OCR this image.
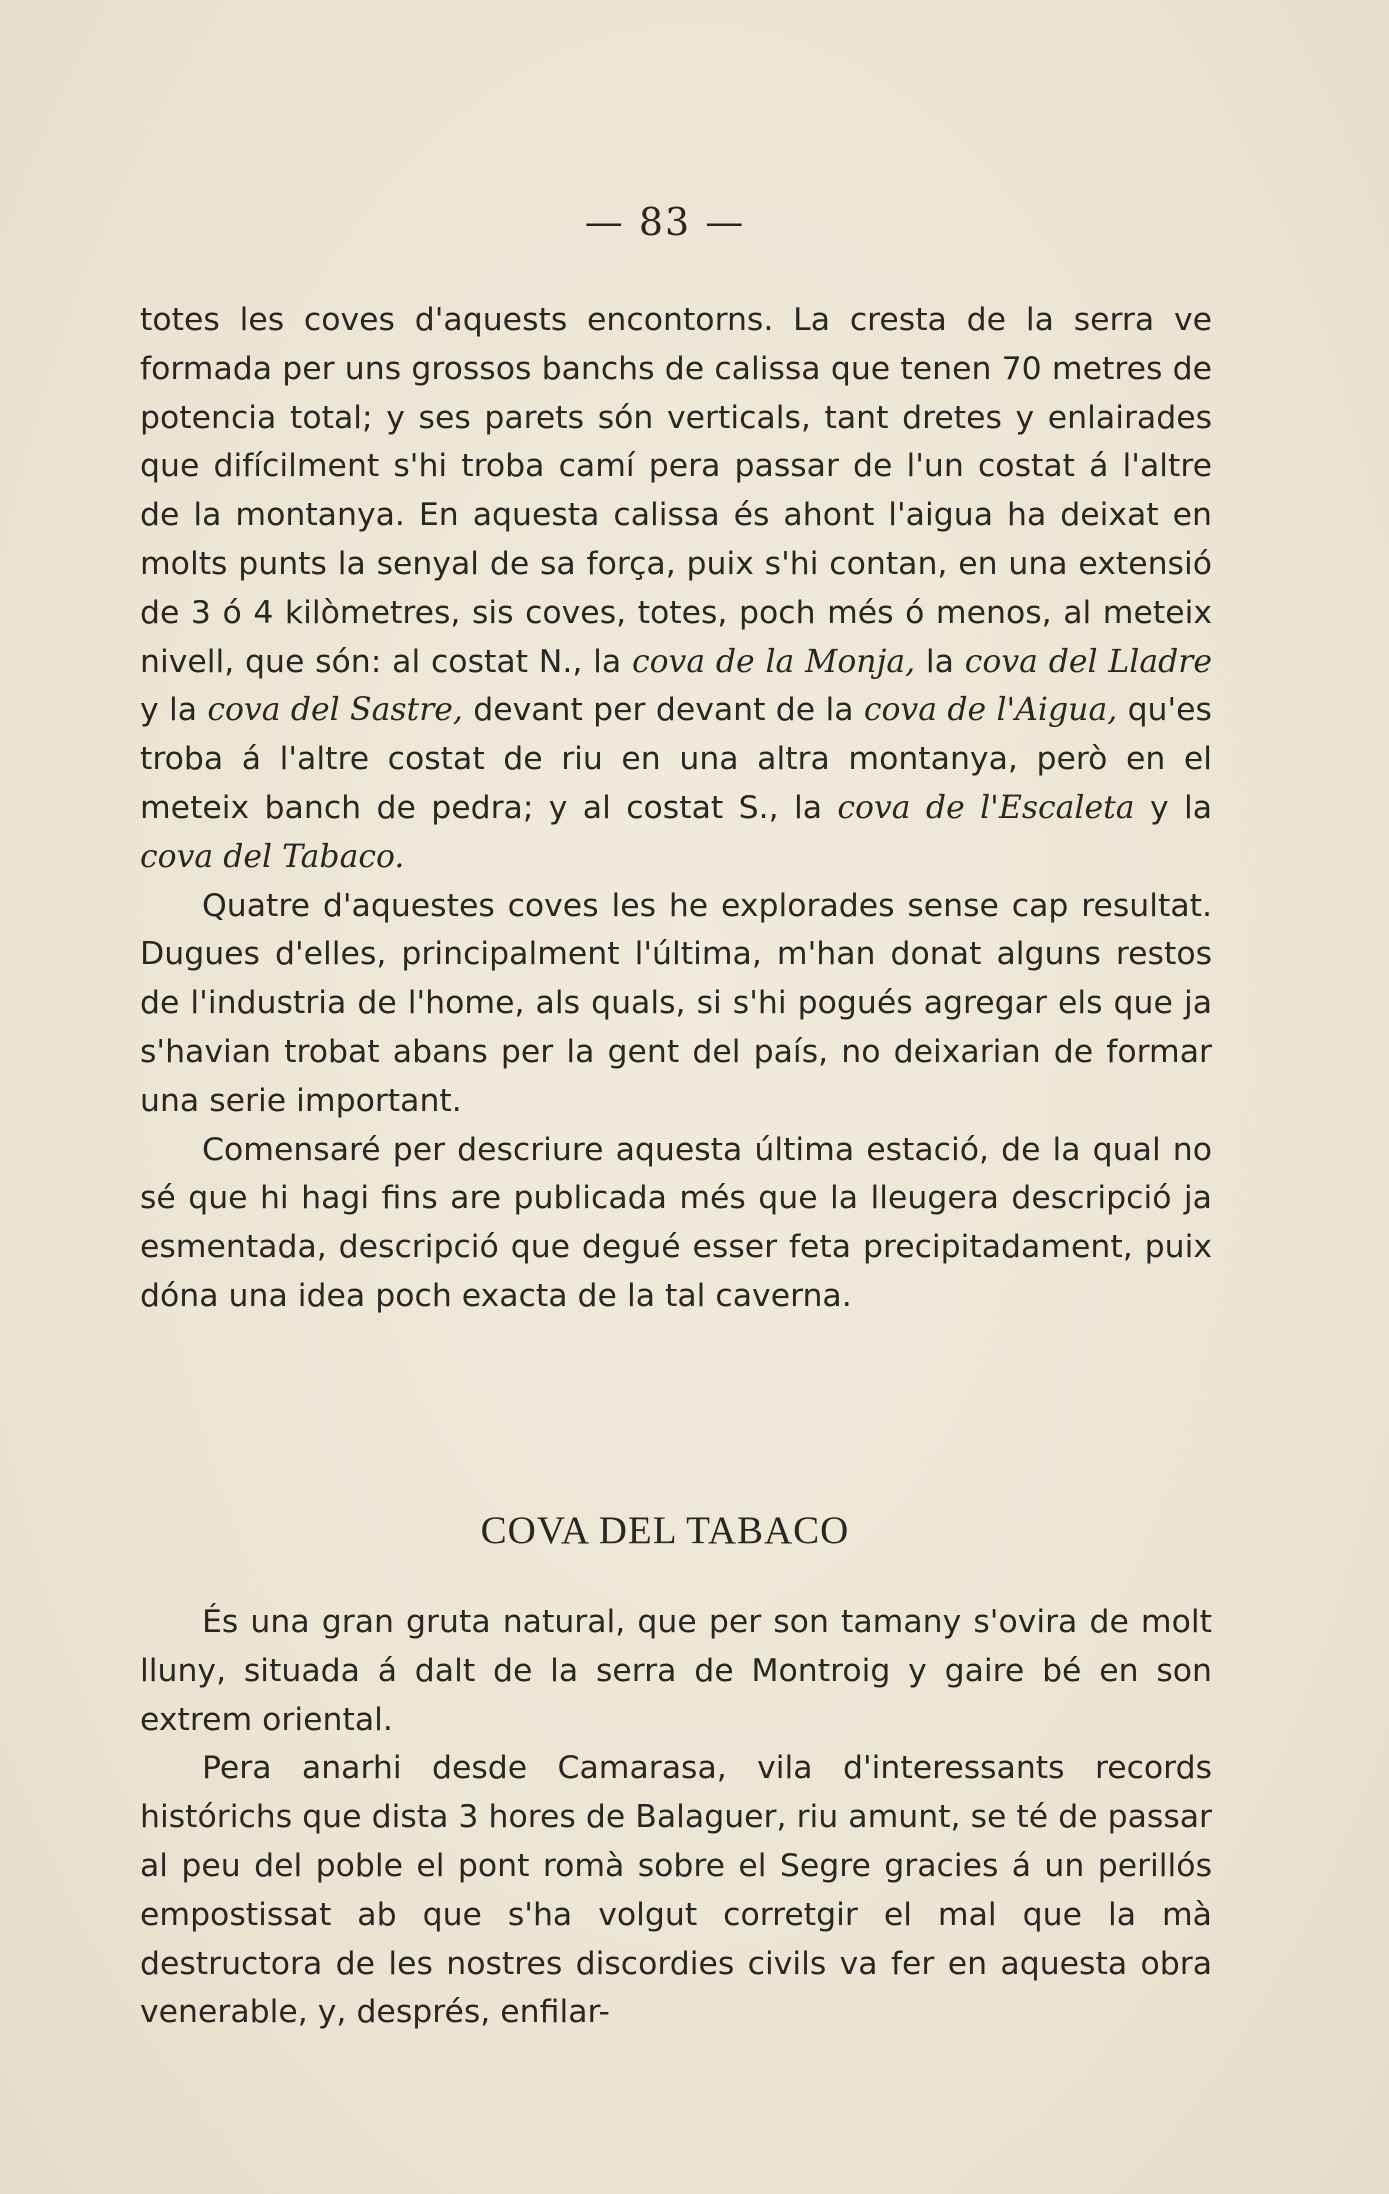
— 83 —

totes les coves d'aquests encontorns. La cresta de la serra ve formada per uns grossos banchs de calissa que tenen 70 metres de potencia total; y ses parets són verticals, tant dretes y enlairades que difícilment s'hi troba camí pera passar de l'un costat á l'altre de la montanya. En aquesta calissa és ahont l'aigua ha deixat en molts punts la senyal de sa força, puix s'hi contan, en una extensió de 3 ó 4 kilòmetres, sis coves, totes, poch més ó menos, al meteix nivell, que són: al costat N., la cova de la Monja, la cova del Lladre y la cova del Sastre, devant per devant de la cova de l'Aigua, qu'es troba á l'altre costat de riu en una altra montanya, però en el meteix banch de pedra; y al costat S., la cova de l'Escaleta y la cova del Tabaco.

Quatre d'aquestes coves les he explorades sense cap resultat. Dugues d'elles, principalment l'última, m'han donat alguns restos de l'industria de l'home, als quals, si s'hi pogués agregar els que ja s'havian trobat abans per la gent del país, no deixarian de formar una serie important.

Comensaré per descriure aquesta última estació, de la qual no sé que hi hagi fins are publicada més que la lleugera descripció ja esmentada, descripció que degué esser feta precipitadament, puix dóna una idea poch exacta de la tal caverna.

COVA DEL TABACO

És una gran gruta natural, que per son tamany s'ovira de molt lluny, situada á dalt de la serra de Montroig y gaire bé en son extrem oriental.

Pera anarhi desde Camarasa, vila d'interessants records histórichs que dista 3 hores de Balaguer, riu amunt, se té de passar al peu del poble el pont romà sobre el Segre gracies á un perillós empostissat ab que s'ha volgut corretgir el mal que la mà destructora de les nostres discordies civils va fer en aquesta obra venerable, y, després, enfilar-
